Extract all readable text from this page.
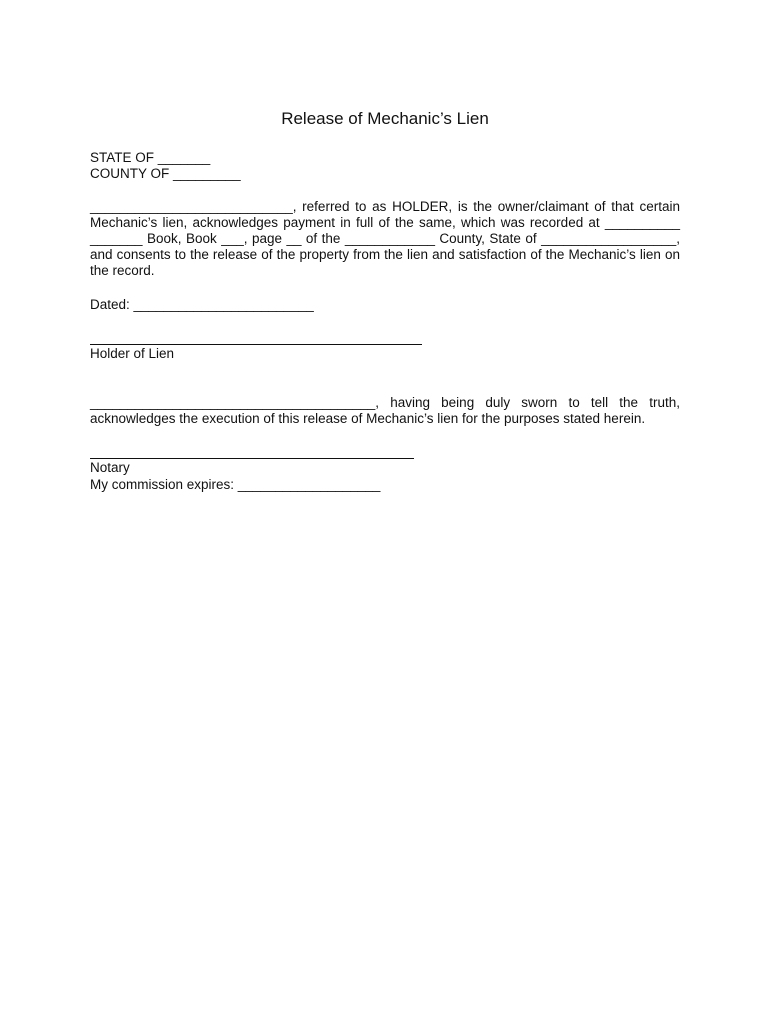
Release of Mechanic’s Lien
STATE OF _______
COUNTY OF _________
___________________________, referred to as HOLDER, is the owner/claimant of that certain
Mechanic’s lien, acknowledges payment in full of the same, which was recorded at __________
_______ Book, Book ___, page __ of the ____________ County, State of __________________,
and consents to the release of the property from the lien and satisfaction of the Mechanic’s lien on
the record.
Dated: ________________________
Holder of Lien
______________________________________, having being duly sworn to tell the truth,
acknowledges the execution of this release of Mechanic’s lien for the purposes stated herein.
Notary
My commission expires: ___________________
